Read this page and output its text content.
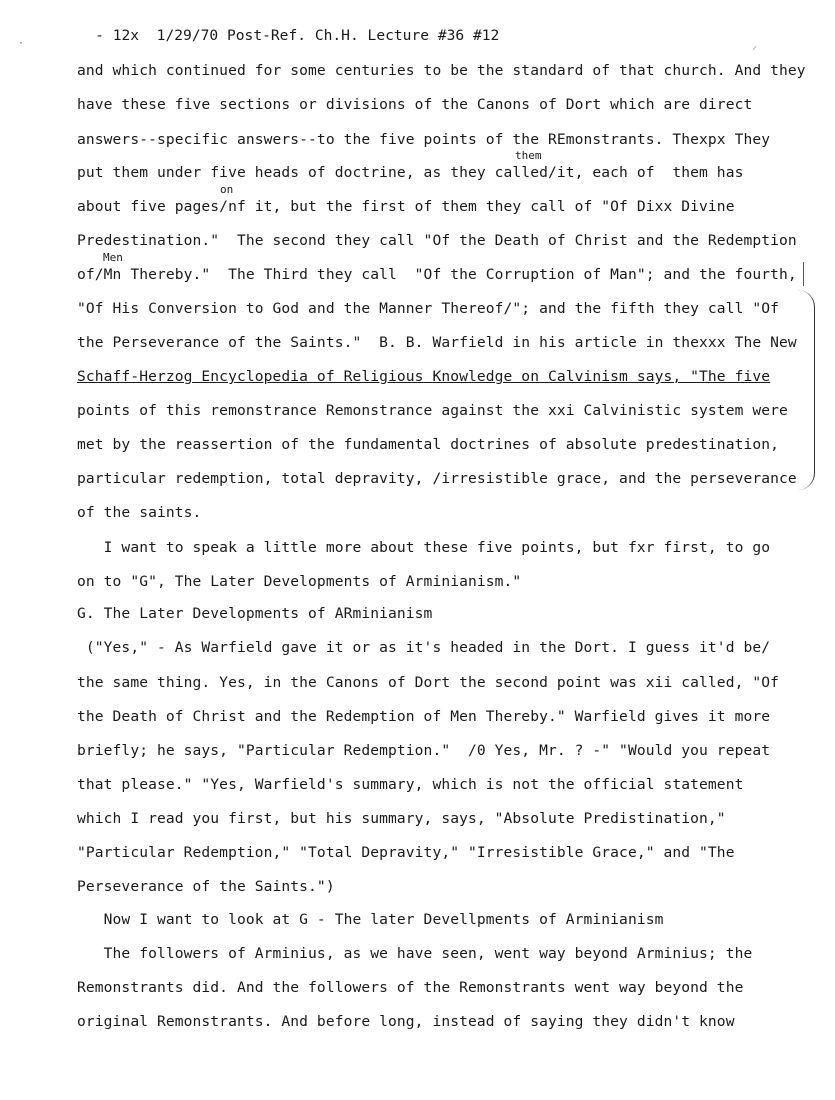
- 12x 1/29/70 Post-Ref. Ch.H. Lecture #36 #12

⸝
·
and which continued for some centuries to be the standard of that church. And they
have these five sections or divisions of the Canons of Dort which are direct
answers--specific answers--to the five points of the REmonstrants. Thexpx They
them
put them under five heads of doctrine, as they called/it, each of  them has
on
about five pages/nf it, but the first of them they call of "Of Dixx Divine
Predestination."  The second they call "Of the Death of Christ and the Redemption
Men
of/Mn Thereby."  The Third they call  "Of the Corruption of Man"; and the fourth,
"Of His Conversion to God and the Manner Thereof/"; and the fifth they call "Of
the Perseverance of the Saints."  B. B. Warfield in his article in thexxx The New
Schaff-Herzog Encyclopedia of Religious Knowledge on Calvinism says, "The five
points of this remonstrance Remonstrance against the xxi Calvinistic system were
met by the reassertion of the fundamental doctrines of absolute predestination,
particular redemption, total depravity, /irresistible grace, and the perseverance
of the saints.
I want to speak a little more about these five points, but fxr first, to go
on to "G", The Later Developments of Arminianism."
G. The Later Developments of ARminianism
("Yes," - As Warfield gave it or as it's headed in the Dort. I guess it'd be/
the same thing. Yes, in the Canons of Dort the second point was xii called, "Of
the Death of Christ and the Redemption of Men Thereby." Warfield gives it more
briefly; he says, "Particular Redemption."  /0 Yes, Mr. ? -" "Would you repeat
that please." "Yes, Warfield's summary, which is not the official statement
which I read you first, but his summary, says, "Absolute Predistination,"
"Particular Redemption," "Total Depravity," "Irresistible Grace," and "The
Perseverance of the Saints.")
Now I want to look at G - The later Devellpments of Arminianism
The followers of Arminius, as we have seen, went way beyond Arminius; the
Remonstrants did. And the followers of the Remonstrants went way beyond the
original Remonstrants. And before long, instead of saying they didn't know
